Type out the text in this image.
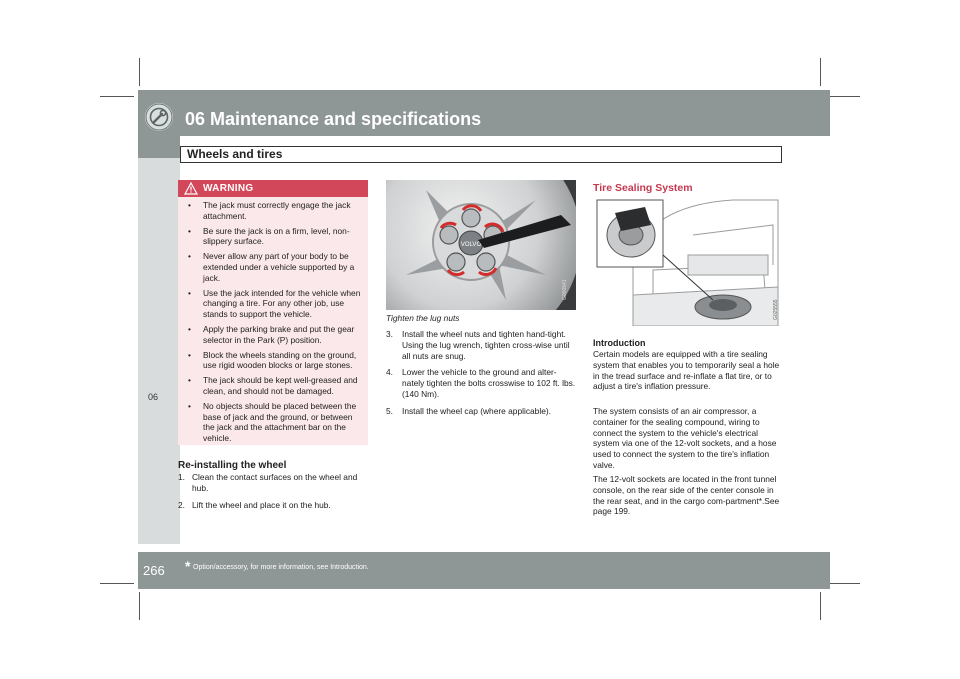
06 Maintenance and specifications
Wheels and tires
06
WARNING
• The jack must correctly engage the jack attachment.
• Be sure the jack is on a firm, level, non-slippery surface.
• Never allow any part of your body to be extended under a vehicle supported by a jack.
• Use the jack intended for the vehicle when changing a tire. For any other job, use stands to support the vehicle.
• Apply the parking brake and put the gear selector in the Park (P) position.
• Block the wheels standing on the ground, use rigid wooden blocks or large stones.
• The jack should be kept well-greased and clean, and should not be damaged.
• No objects should be placed between the base of jack and the ground, or between the jack and the attachment bar on the vehicle.
Re-installing the wheel
1. Clean the contact surfaces on the wheel and hub.
2. Lift the wheel and place it on the hub.
VOLVO
G000941
Tighten the lug nuts
3. Install the wheel nuts and tighten hand-tight. Using the lug wrench, tighten cross-wise until all nuts are snug.
4. Lower the vehicle to the ground and alter-nately tighten the bolts crosswise to 102 ft. lbs. (140 Nm).
5. Install the wheel cap (where applicable).
Tire Sealing System
G025555
Introduction

Certain models are equipped with a tire sealing system that enables you to temporarily seal a hole in the tread surface and re-inflate a flat tire, or to adjust a tire's inflation pressure.

The system consists of an air compressor, a container for the sealing compound, wiring to connect the system to the vehicle's electrical system via one of the 12-volt sockets, and a hose used to connect the system to the tire's inflation valve.

The 12-volt sockets are located in the front tunnel console, on the rear side of the center console in the rear seat, and in the cargo com-partment*.See page 199.

266 * Option/accessory, for more information, see Introduction.
